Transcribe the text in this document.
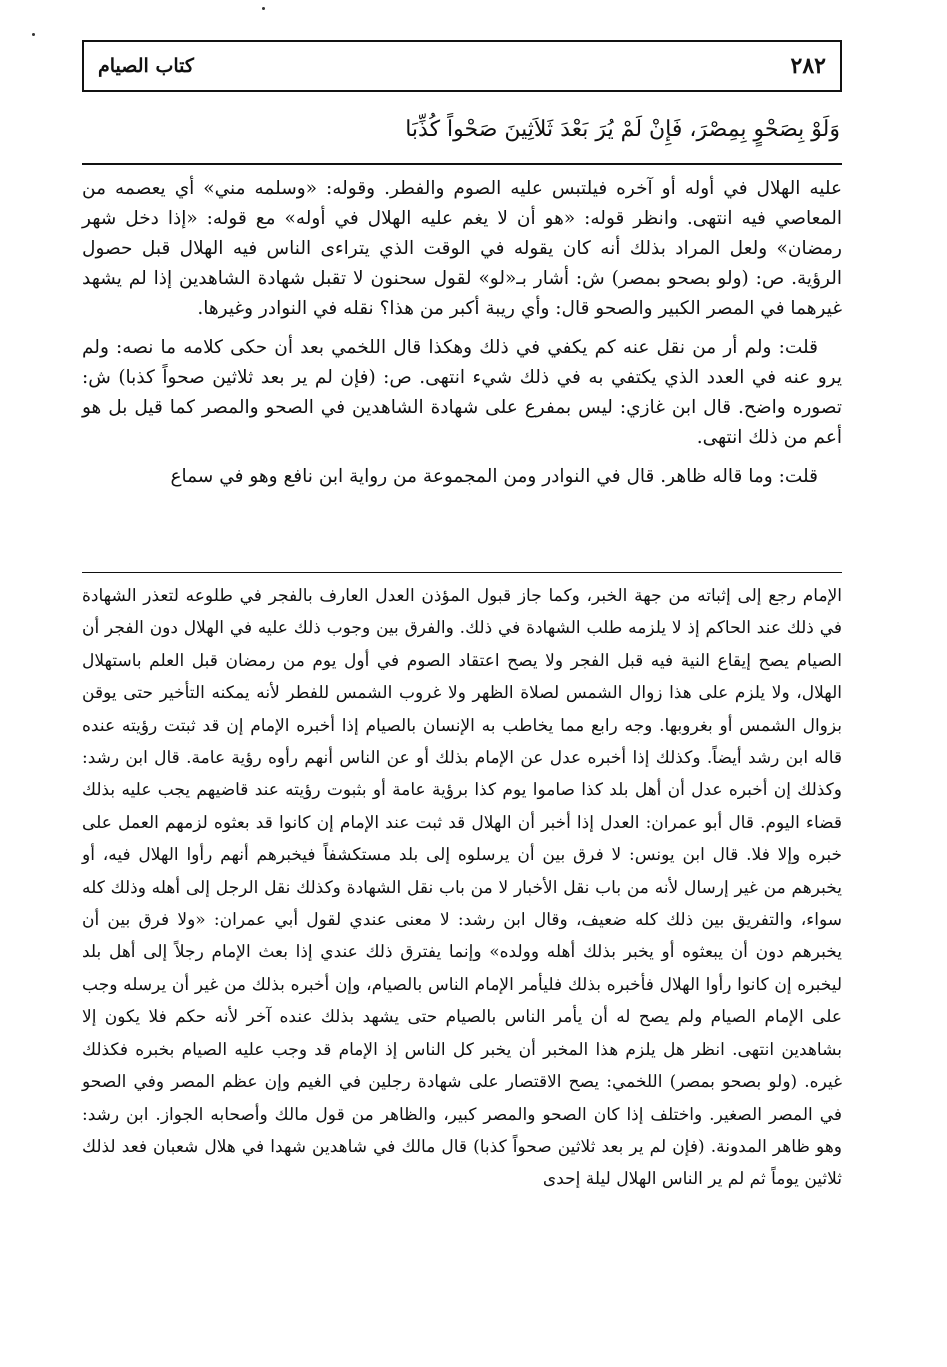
٢٨٢
كتاب الصيام
وَلَوْ بِصَحْوٍ بِمِصْرَ، فَإِنْ لَمْ يُرَ بَعْدَ ثَلاَثِينَ صَحْواً كُذِّبَا

عليه الهلال في أوله أو آخره فيلتبس عليه الصوم والفطر. وقوله: «وسلمه مني» أي يعصمه من المعاصي فيه انتهى. وانظر قوله: «هو أن لا يغم عليه الهلال في أوله» مع قوله: «إذا دخل شهر رمضان» ولعل المراد بذلك أنه كان يقوله في الوقت الذي يتراءى الناس فيه الهلال قبل حصول الرؤية. ص: (ولو بصحو بمصر) ش: أشار بـ«لو» لقول سحنون لا تقبل شهادة الشاهدين إذا لم يشهد غيرهما في المصر الكبير والصحو قال: وأي ريبة أكبر من هذا؟ نقله في النوادر وغيرها.

قلت: ولم أر من نقل عنه كم يكفي في ذلك وهكذا قال اللخمي بعد أن حكى كلامه ما نصه: ولم يرو عنه في العدد الذي يكتفي به في ذلك شيء انتهى. ص: (فإن لم ير بعد ثلاثين صحواً كذبا) ش: تصوره واضح. قال ابن غازي: ليس بمفرع على شهادة الشاهدين في الصحو والمصر كما قيل بل هو أعم من ذلك انتهى.

قلت: وما قاله ظاهر. قال في النوادر ومن المجموعة من رواية ابن نافع وهو في سماع

الإمام رجع إلى إثباته من جهة الخبر، وكما جاز قبول المؤذن العدل العارف بالفجر في طلوعه لتعذر الشهادة في ذلك عند الحاكم إذ لا يلزمه طلب الشهادة في ذلك. والفرق بين وجوب ذلك عليه في الهلال دون الفجر أن الصيام يصح إيقاع النية فيه قبل الفجر ولا يصح اعتقاد الصوم في أول يوم من رمضان قبل العلم باستهلال الهلال، ولا يلزم على هذا زوال الشمس لصلاة الظهر ولا غروب الشمس للفطر لأنه يمكنه التأخير حتى يوقن بزوال الشمس أو بغروبها. وجه رابع مما يخاطب به الإنسان بالصيام إذا أخبره الإمام إن قد ثبتت رؤيته عنده قاله ابن رشد أيضاً. وكذلك إذا أخبره عدل عن الإمام بذلك أو عن الناس أنهم رأوه رؤية عامة. قال ابن رشد: وكذلك إن أخبره عدل أن أهل بلد كذا صاموا يوم كذا برؤية عامة أو بثبوت رؤيته عند قاضيهم يجب عليه بذلك قضاء اليوم. قال أبو عمران: العدل إذا أخبر أن الهلال قد ثبت عند الإمام إن كانوا قد بعثوه لزمهم العمل على خبره وإلا فلا. قال ابن يونس: لا فرق بين أن يرسلوه إلى بلد مستكشفاً فيخبرهم أنهم رأوا الهلال فيه، أو يخبرهم من غير إرسال لأنه من باب نقل الأخبار لا من باب نقل الشهادة وكذلك نقل الرجل إلى أهله وذلك كله سواء، والتفريق بين ذلك كله ضعيف، وقال ابن رشد: لا معنى عندي لقول أبي عمران: «ولا فرق بين أن يخبرهم دون أن يبعثوه أو يخبر بذلك أهله وولده» وإنما يفترق ذلك عندي إذا بعث الإمام رجلاً إلى أهل بلد ليخبره إن كانوا رأوا الهلال فأخبره بذلك فليأمر الإمام الناس بالصيام، وإن أخبره بذلك من غير أن يرسله وجب على الإمام الصيام ولم يصح له أن يأمر الناس بالصيام حتى يشهد بذلك عنده آخر لأنه حكم فلا يكون إلا بشاهدين انتهى. انظر هل يلزم هذا المخبر أن يخبر كل الناس إذ الإمام قد وجب عليه الصيام بخبره فكذلك غيره. (ولو بصحو بمصر) اللخمي: يصح الاقتصار على شهادة رجلين في الغيم وإن عظم المصر وفي الصحو في المصر الصغير. واختلف إذا كان الصحو والمصر كبير، والظاهر من قول مالك وأصحابه الجواز. ابن رشد: وهو ظاهر المدونة. (فإن لم ير بعد ثلاثين صحواً كذبا) قال مالك في شاهدين شهدا في هلال شعبان فعد لذلك ثلاثين يوماً ثم لم ير الناس الهلال ليلة إحدى
